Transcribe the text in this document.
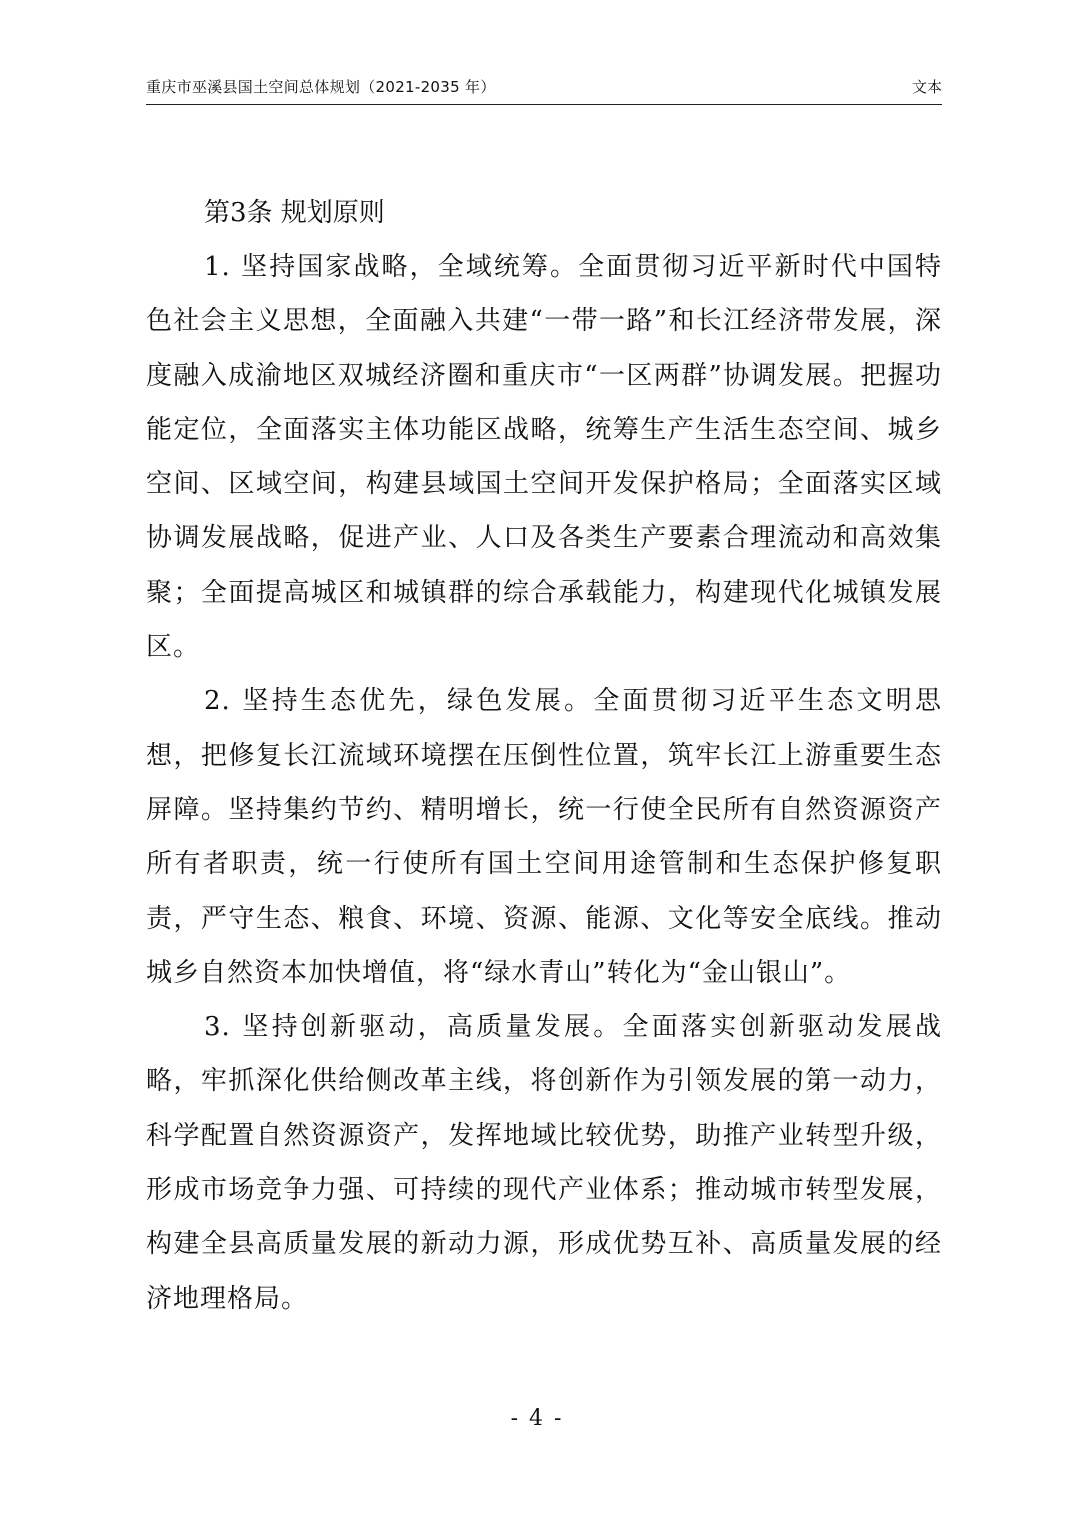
重庆市巫溪县国土空间总体规划（2021-2035 年）	文本
第3条 规划原则

1. 坚持国家战略，全域统筹。全面贯彻习近平新时代中国特色社会主义思想，全面融入共建“一带一路”和长江经济带发展，深度融入成渝地区双城经济圈和重庆市“一区两群”协调发展。把握功能定位，全面落实主体功能区战略，统筹生产生活生态空间、城乡空间、区域空间，构建县域国土空间开发保护格局；全面落实区域协调发展战略，促进产业、人口及各类生产要素合理流动和高效集聚；全面提高城区和城镇群的综合承载能力，构建现代化城镇发展区。

2. 坚持生态优先，绿色发展。全面贯彻习近平生态文明思想，把修复长江流域环境摆在压倒性位置，筑牢长江上游重要生态屏障。坚持集约节约、精明增长，统一行使全民所有自然资源资产所有者职责，统一行使所有国土空间用途管制和生态保护修复职责，严守生态、粮食、环境、资源、能源、文化等安全底线。推动城乡自然资本加快增值，将“绿水青山”转化为“金山银山”。

3. 坚持创新驱动，高质量发展。全面落实创新驱动发展战略，牢抓深化供给侧改革主线，将创新作为引领发展的第一动力，科学配置自然资源资产，发挥地域比较优势，助推产业转型升级，形成市场竞争力强、可持续的现代产业体系；推动城市转型发展，构建全县高质量发展的新动力源，形成优势互补、高质量发展的经济地理格局。

- 4 -
